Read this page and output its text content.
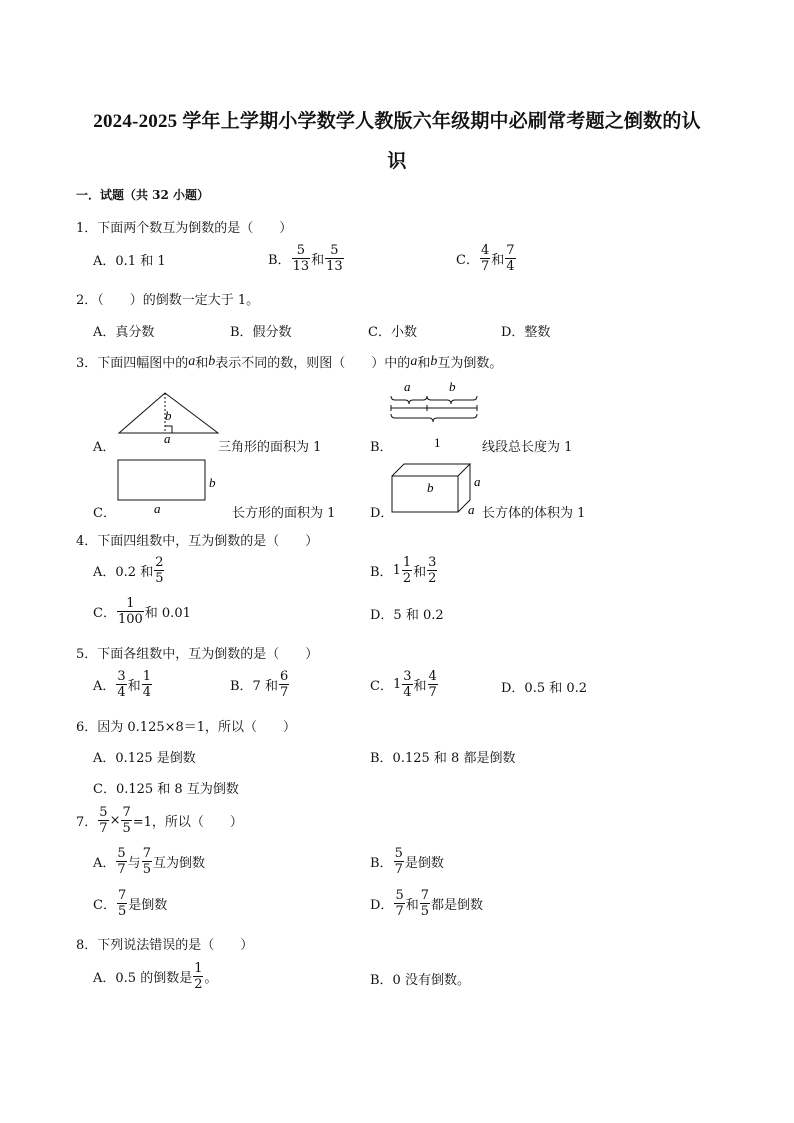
2024-2025 学年上学期小学数学人教版六年级期中必刷常考题之倒数的认
识
一．试题（共 32 小题）
1．下面两个数互为倒数的是（　　）
A．0.1 和 1	B． $\frac{5}{13}$ 和 $\frac{5}{13}$	C． $\frac{4}{7}$ 和 $\frac{7}{4}$
2．（　　）的倒数一定大于 1。
A．真分数	B．假分数	C．小数	D．整数
3．下面四幅图中的 a 和 b 表示不同的数，则图（　　）中的 a 和 b 互为倒数。
A．
a
b
三角形的面积为 1	B．
a	b
1	线段总长度为 1
C．	a
b
长方形的面积为 1	D．
b	a
a 长方体的体积为 1
4．下面四组数中，互为倒数的是（　　）
A．0.2 和 $\frac{2}{5}$	B． $1 \frac{1}{2}$ 和 $\frac{3}{2}$
C． $\frac{1}{100}$ 和 0.01	D．5 和 0.2
5．下面各组数中，互为倒数的是（　　）
A． $\frac{3}{4}$ 和 $\frac{1}{4}$	B．7 和 $\frac{6}{7}$	C． $1 \frac{3}{4}$ 和 $\frac{4}{7}$	D．0.5 和 0.2
6．因为 0.125×8＝1，所以（　　）
A．0.125 是倒数	B．0.125 和 8 都是倒数
C．0.125 和 8 互为倒数
7． $\frac{5}{7} \times \frac{7}{5} =1$，所以（　　）
A． $\frac{5}{7}$ 与 $\frac{7}{5}$ 互为倒数	B． $\frac{5}{7}$ 是倒数
C． $\frac{7}{5}$ 是倒数	D． $\frac{5}{7}$ 和 $\frac{7}{5}$ 都是倒数
8．下列说法错误的是（　　）
A．0.5 的倒数是 $\frac{1}{2}$ 。	B．0 没有倒数。
